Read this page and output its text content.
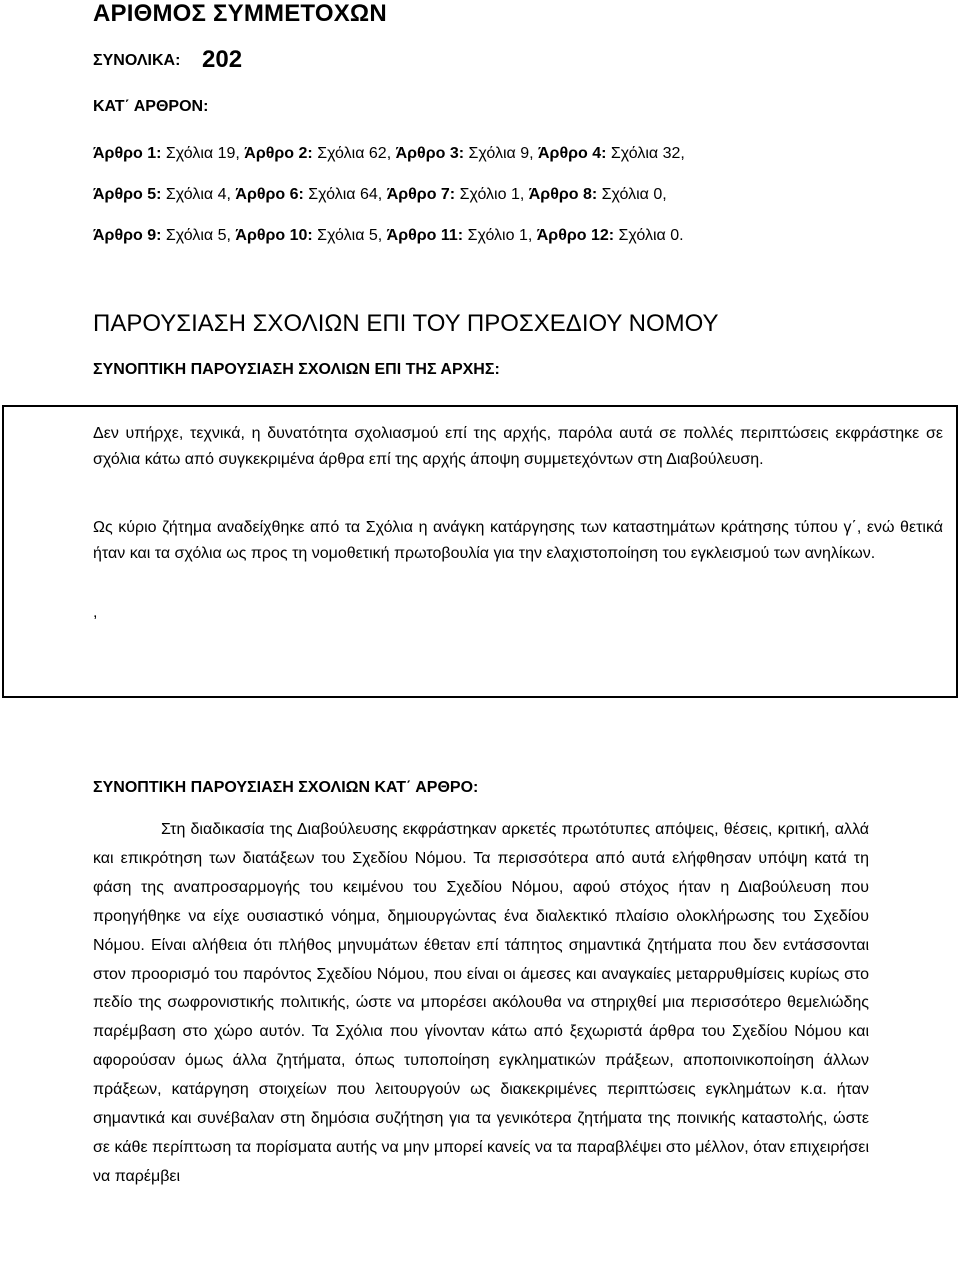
ΑΡΙΘΜΟΣ ΣΥΜΜΕΤΟΧΩΝ
ΣΥΝΟΛΙΚΑ: 202
ΚΑΤ΄ ΑΡΘΡΟΝ:
Άρθρο 1: Σχόλια 19, Άρθρο 2: Σχόλια 62, Άρθρο 3: Σχόλια 9, Άρθρο 4: Σχόλια 32,
Άρθρο 5: Σχόλια 4, Άρθρο 6: Σχόλια 64, Άρθρο 7: Σχόλιο 1, Άρθρο 8: Σχόλια 0,
Άρθρο 9: Σχόλια 5, Άρθρο 10: Σχόλια 5, Άρθρο 11: Σχόλιο 1, Άρθρο 12: Σχόλια 0.
ΠΑΡΟΥΣΙΑΣΗ ΣΧΟΛΙΩΝ ΕΠΙ ΤΟΥ ΠΡΟΣΧΕΔΙΟΥ ΝΟΜΟΥ
ΣΥΝΟΠΤΙΚΗ ΠΑΡΟΥΣΙΑΣΗ ΣΧΟΛΙΩΝ ΕΠΙ ΤΗΣ ΑΡΧΗΣ:
Δεν υπήρχε, τεχνικά, η δυνατότητα σχολιασμού επί της αρχής, παρόλα αυτά σε πολλές περιπτώσεις εκφράστηκε σε σχόλια κάτω από συγκεκριμένα άρθρα επί της αρχής άποψη συμμετεχόντων στη Διαβούλευση.
Ως κύριο ζήτημα αναδείχθηκε από τα Σχόλια η ανάγκη κατάργησης των καταστημάτων κράτησης τύπου γ΄, ενώ θετικά ήταν και τα σχόλια ως προς τη νομοθετική πρωτοβουλία για την ελαχιστοποίηση του εγκλεισμού των ανηλίκων.
,
ΣΥΝΟΠΤΙΚΗ ΠΑΡΟΥΣΙΑΣΗ ΣΧΟΛΙΩΝ ΚΑΤ΄ ΑΡΘΡΟ:
Στη διαδικασία της Διαβούλευσης εκφράστηκαν αρκετές πρωτότυπες απόψεις, θέσεις, κριτική, αλλά και επικρότηση των διατάξεων του Σχεδίου Νόμου. Τα περισσότερα από αυτά ελήφθησαν υπόψη κατά τη φάση της αναπροσαρμογής του κειμένου του Σχεδίου Νόμου, αφού στόχος ήταν η Διαβούλευση που προηγήθηκε να είχε ουσιαστικό νόημα, δημιουργώντας ένα διαλεκτικό πλαίσιο ολοκλήρωσης του Σχεδίου Νόμου. Είναι αλήθεια ότι πλήθος μηνυμάτων έθεταν επί τάπητος σημαντικά ζητήματα που δεν εντάσσονται στον προορισμό του παρόντος Σχεδίου Νόμου, που είναι οι άμεσες και αναγκαίες μεταρρυθμίσεις κυρίως στο πεδίο της σωφρονιστικής πολιτικής, ώστε να μπορέσει ακόλουθα να στηριχθεί μια περισσότερο θεμελιώδης παρέμβαση στο χώρο αυτόν. Τα Σχόλια που γίνονταν κάτω από ξεχωριστά άρθρα του Σχεδίου Νόμου και αφορούσαν όμως άλλα ζητήματα, όπως τυποποίηση εγκληματικών πράξεων, αποποινικοποίηση άλλων πράξεων, κατάργηση στοιχείων που λειτουργούν ως διακεκριμένες περιπτώσεις εγκλημάτων κ.α. ήταν σημαντικά και συνέβαλαν στη δημόσια συζήτηση για τα γενικότερα ζητήματα της ποινικής καταστολής, ώστε σε κάθε περίπτωση τα πορίσματα αυτής να μην μπορεί κανείς να τα παραβλέψει στο μέλλον, όταν επιχειρήσει να παρέμβει
